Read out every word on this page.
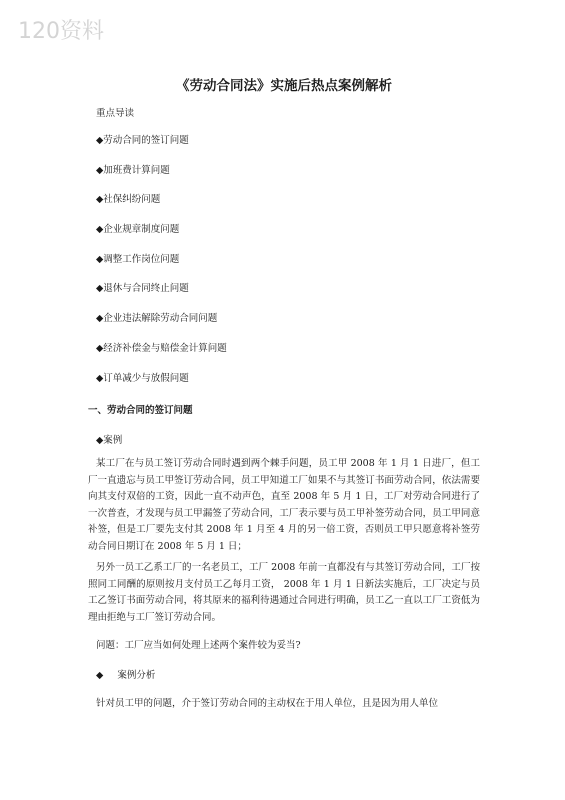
120资料
《劳动合同法》实施后热点案例解析
重点导读
◆劳动合同的签订问题
◆加班费计算问题
◆社保纠纷问题
◆企业规章制度问题
◆调整工作岗位问题
◆退休与合同终止问题
◆企业违法解除劳动合同问题
◆经济补偿金与赔偿金计算问题
◆订单减少与放假问题
一、劳动合同的签订问题
◆案例

某工厂在与员工签订劳动合同时遇到两个棘手问题，员工甲 2008 年 1 月 1 日进厂，但工厂一直遗忘与员工甲签订劳动合同，员工甲知道工厂如果不与其签订书面劳动合同，依法需要向其支付双倍的工资，因此一直不动声色，直至 2008 年 5 月 1 日，工厂对劳动合同进行了一次普查，才发现与员工甲漏签了劳动合同，工厂表示要与员工甲补签劳动合同，员工甲同意补签，但是工厂要先支付其 2008 年 1 月至 4 月的另一倍工资，否则员工甲只愿意将补签劳动合同日期订在 2008 年 5 月 1 日；

另外一员工乙系工厂的一名老员工，工厂 2008 年前一直都没有与其签订劳动合同，工厂按照同工同酬的原则按月支付员工乙每月工资， 2008 年 1 月 1 日新法实施后，工厂决定与员工乙签订书面劳动合同，将其原来的福利待遇通过合同进行明确，员工乙一直以工厂工资低为理由拒绝与工厂签订劳动合同。

问题：工厂应当如何处理上述两个案件较为妥当?

◆ 案例分析

针对员工甲的问题，介于签订劳动合同的主动权在于用人单位，且是因为用人单位
